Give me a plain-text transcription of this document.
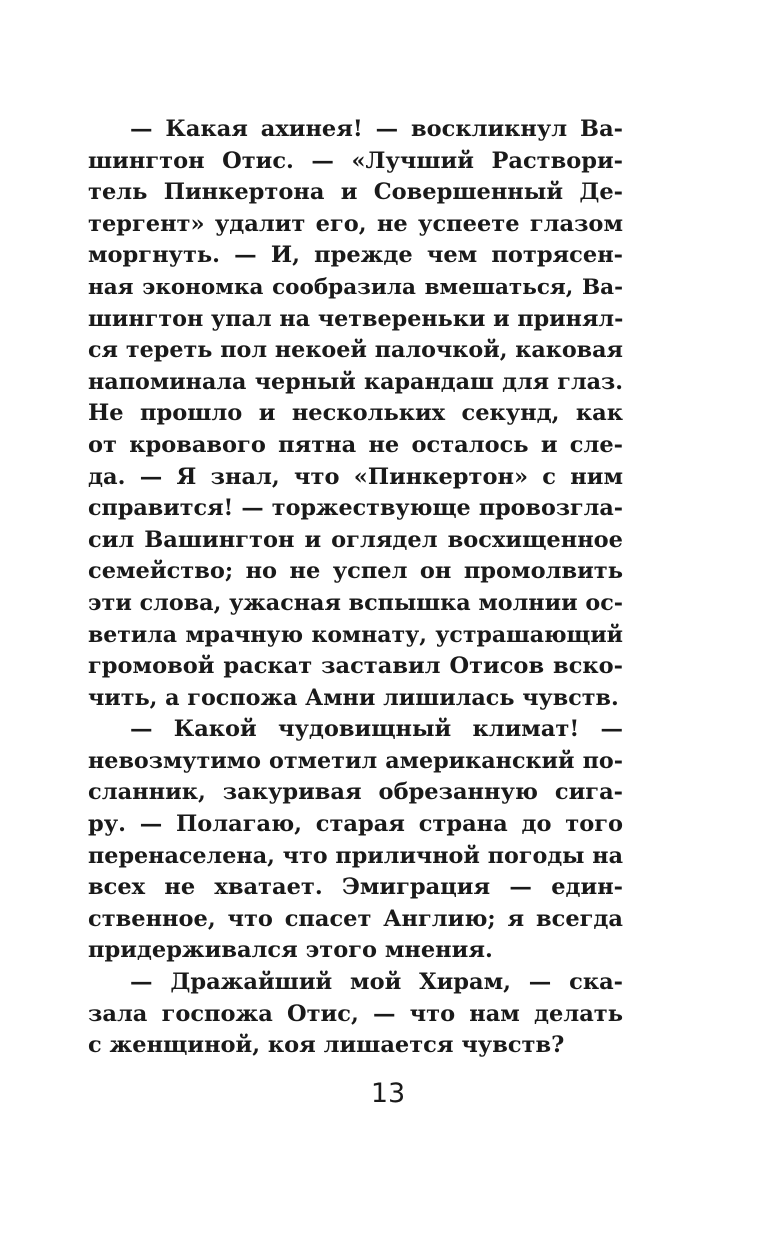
— Какая ахинея! — воскликнул Ва-
шингтон Отис. — «Лучший Раствори-
тель Пинкертона и Совершенный Де-
тергент» удалит его, не успеете глазом
моргнуть. — И, прежде чем потрясен-
ная экономка сообразила вмешаться, Ва-
шингтон упал на четвереньки и принял-
ся тереть пол некоей палочкой, каковая
напоминала черный карандаш для глаз.
Не прошло и нескольких секунд, как
от кровавого пятна не осталось и сле-
да. — Я знал, что «Пинкертон» с ним
справится! — торжествующе провозгла-
сил Вашингтон и оглядел восхищенное
семейство; но не успел он промолвить
эти слова, ужасная вспышка молнии ос-
ветила мрачную комнату, устрашающий
громовой раскат заставил Отисов вско-
чить, а госпожа Амни лишилась чувств.
— Какой чудовищный климат! —
невозмутимо отметил американский по-
сланник, закуривая обрезанную сига-
ру. — Полагаю, старая страна до того
перенаселена, что приличной погоды на
всех не хватает. Эмиграция — един-
ственное, что спасет Англию; я всегда
придерживался этого мнения.
— Дражайший мой Хирам, — ска-
зала госпожа Отис, — что нам делать
с женщиной, коя лишается чувств?
13
